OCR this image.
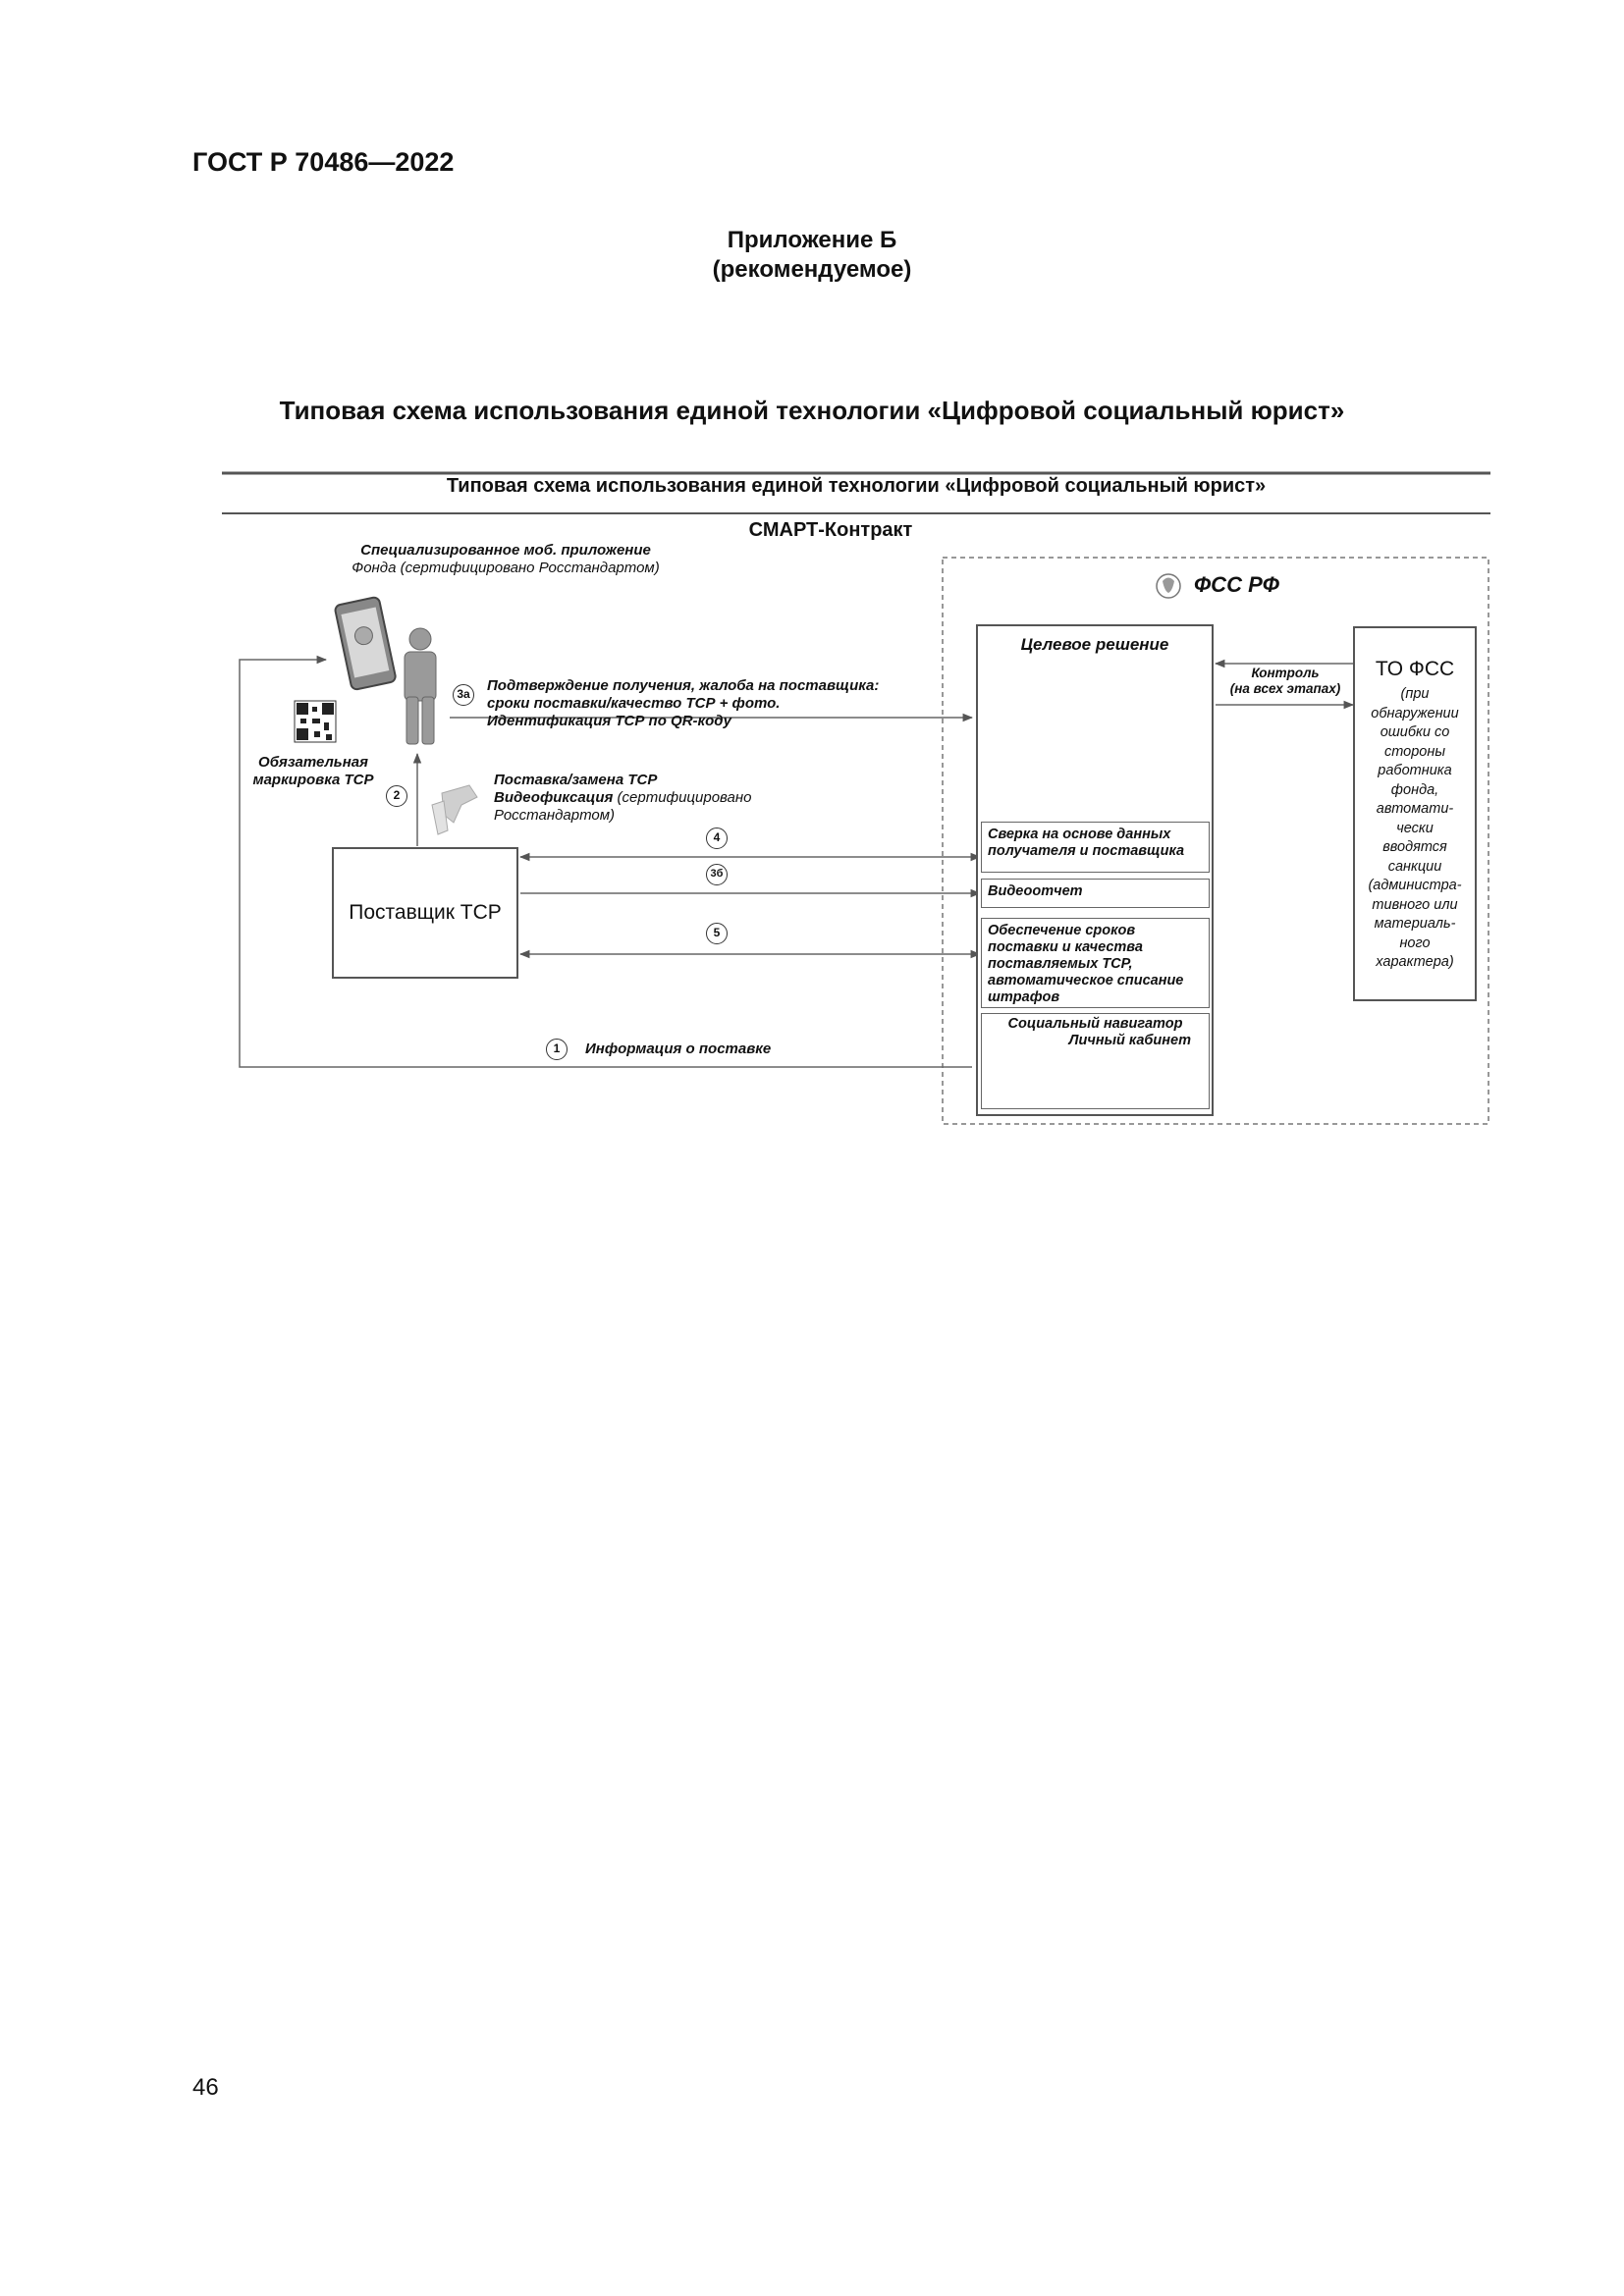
ГОСТ Р 70486—2022
Приложение Б
(рекомендуемое)
Типовая схема использования единой технологии «Цифровой социальный юрист»
Типовая схема использования единой технологии «Цифровой социальный юрист»
СМАРТ-Контракт
Специализированное моб. приложение
Фонда (сертифицировано Росстандартом)
Обязательная
маркировка ТСР
3а Подтверждение получения, жалоба на поставщика:
сроки поставки/качество ТСР + фото.
Идентификация ТСР по QR-коду
2
Поставка/замена ТСР
Видеофиксация (сертифицировано
Росстандартом)
Поставщик ТСР
4
3б
5
1	Информация о поставке
ФСС РФ
Целевое решение
Сверка на основе данных получателя и поставщика
Видеоотчет
Обеспечение сроков поставки и качества поставляемых ТСР, автоматическое списание штрафов
Социальный навигатор
Личный кабинет
Контроль
(на всех этапах)
ТО ФСС
(при
обнаружении
ошибки со
стороны
работника
фонда,
автомати-
чески
вводятся
санкции
(администра-
тивного или
материаль-
ного
характера)
46
